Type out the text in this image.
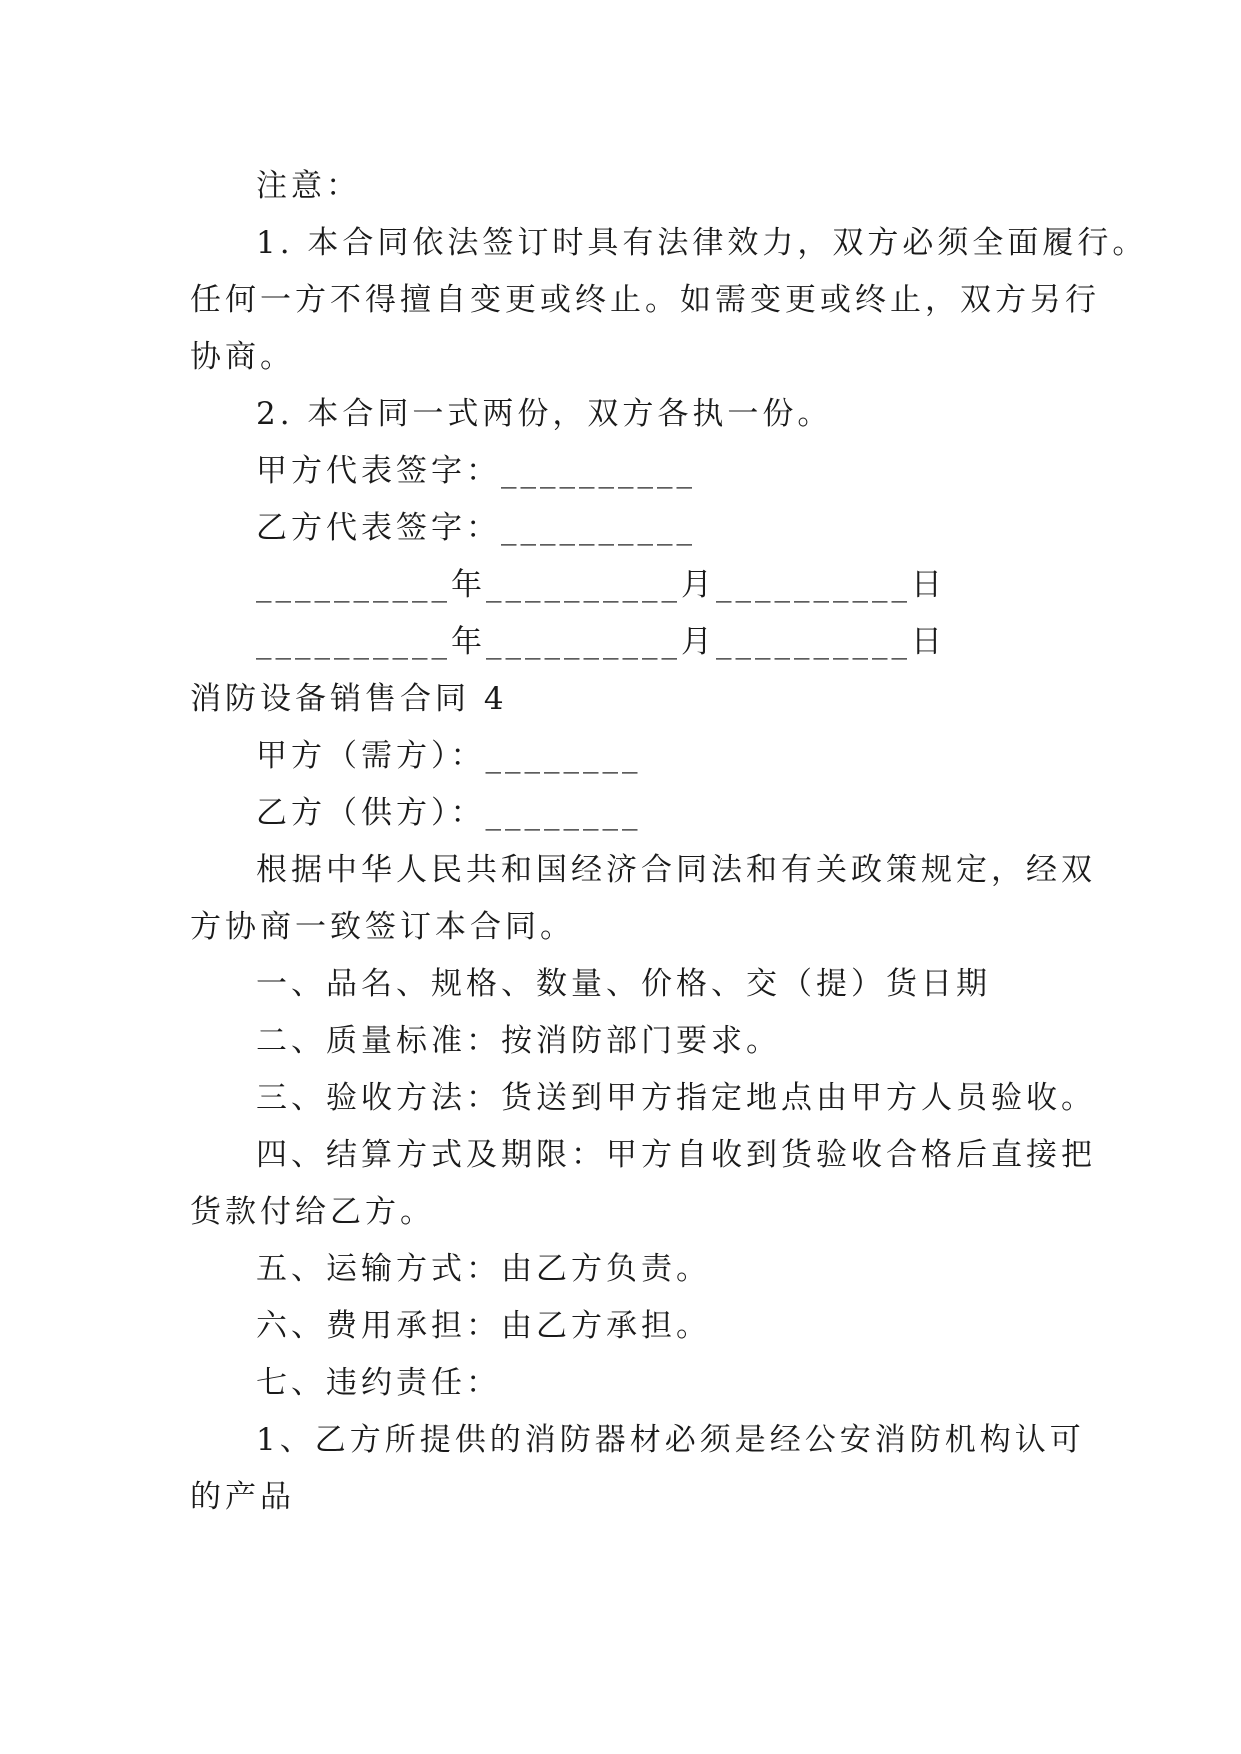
注意：
1. 本合同依法签订时具有法律效力，双方必须全面履行。
任何一方不得擅自变更或终止。如需变更或终止，双方另行
协商。
2. 本合同一式两份，双方各执一份。
甲方代表签字：__________
乙方代表签字：__________
__________年__________月__________日
__________年__________月__________日
消防设备销售合同 4
甲方（需方）：________
乙方（供方）：________
根据中华人民共和国经济合同法和有关政策规定，经双
方协商一致签订本合同。
一、品名、规格、数量、价格、交（提）货日期
二、质量标准：按消防部门要求。
三、验收方法：货送到甲方指定地点由甲方人员验收。
四、结算方式及期限：甲方自收到货验收合格后直接把
货款付给乙方。
五、运输方式：由乙方负责。
六、费用承担：由乙方承担。
七、违约责任：
1、乙方所提供的消防器材必须是经公安消防机构认可
的产品
